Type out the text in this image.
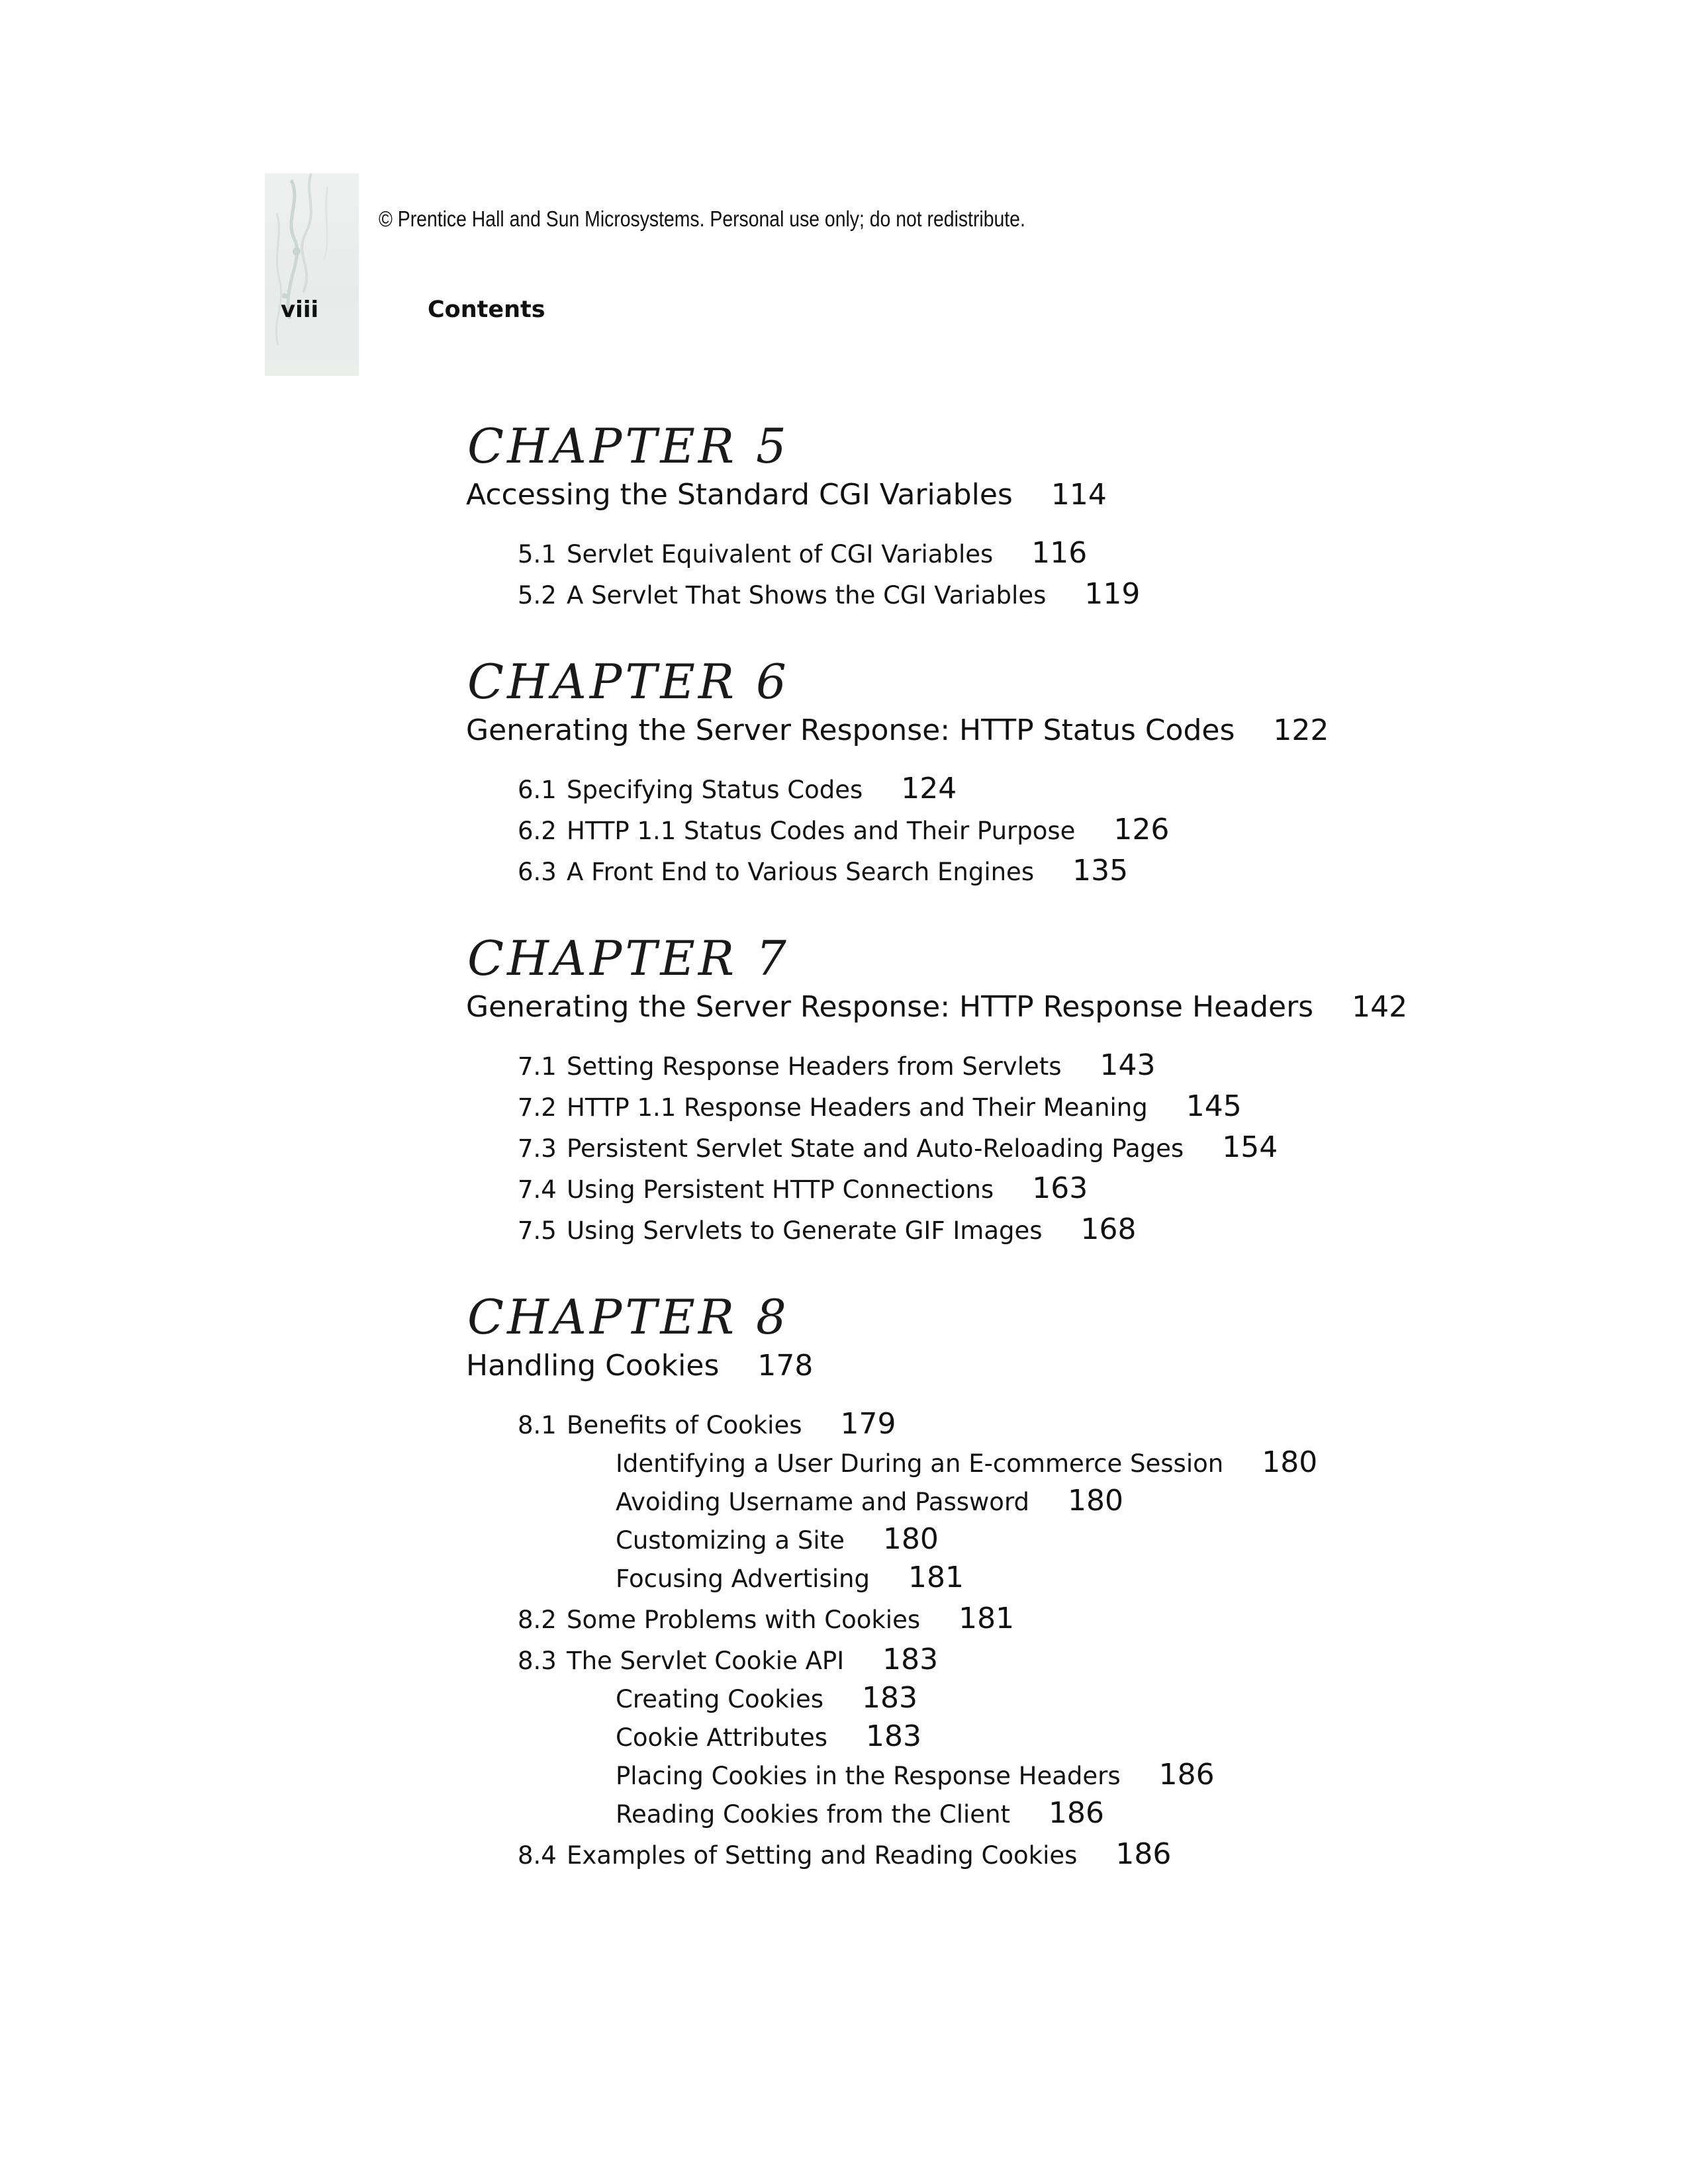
© Prentice Hall and Sun Microsystems. Personal use only; do not redistribute.
viii	Contents
CHAPTER 5
Accessing the Standard CGI Variables 114
5.1 Servlet Equivalent of CGI Variables 116
5.2 A Servlet That Shows the CGI Variables 119
CHAPTER 6
Generating the Server Response: HTTP Status Codes 122
6.1 Specifying Status Codes 124
6.2 HTTP 1.1 Status Codes and Their Purpose 126
6.3 A Front End to Various Search Engines 135
CHAPTER 7
Generating the Server Response: HTTP Response Headers 142
7.1 Setting Response Headers from Servlets 143
7.2 HTTP 1.1 Response Headers and Their Meaning 145
7.3 Persistent Servlet State and Auto-Reloading Pages 154
7.4 Using Persistent HTTP Connections 163
7.5 Using Servlets to Generate GIF Images 168
CHAPTER 8
Handling Cookies 178
8.1 Benefits of Cookies 179
Identifying a User During an E-commerce Session 180
Avoiding Username and Password 180
Customizing a Site 180
Focusing Advertising 181
8.2 Some Problems with Cookies 181
8.3 The Servlet Cookie API 183
Creating Cookies 183
Cookie Attributes 183
Placing Cookies in the Response Headers 186
Reading Cookies from the Client 186
8.4 Examples of Setting and Reading Cookies 186
